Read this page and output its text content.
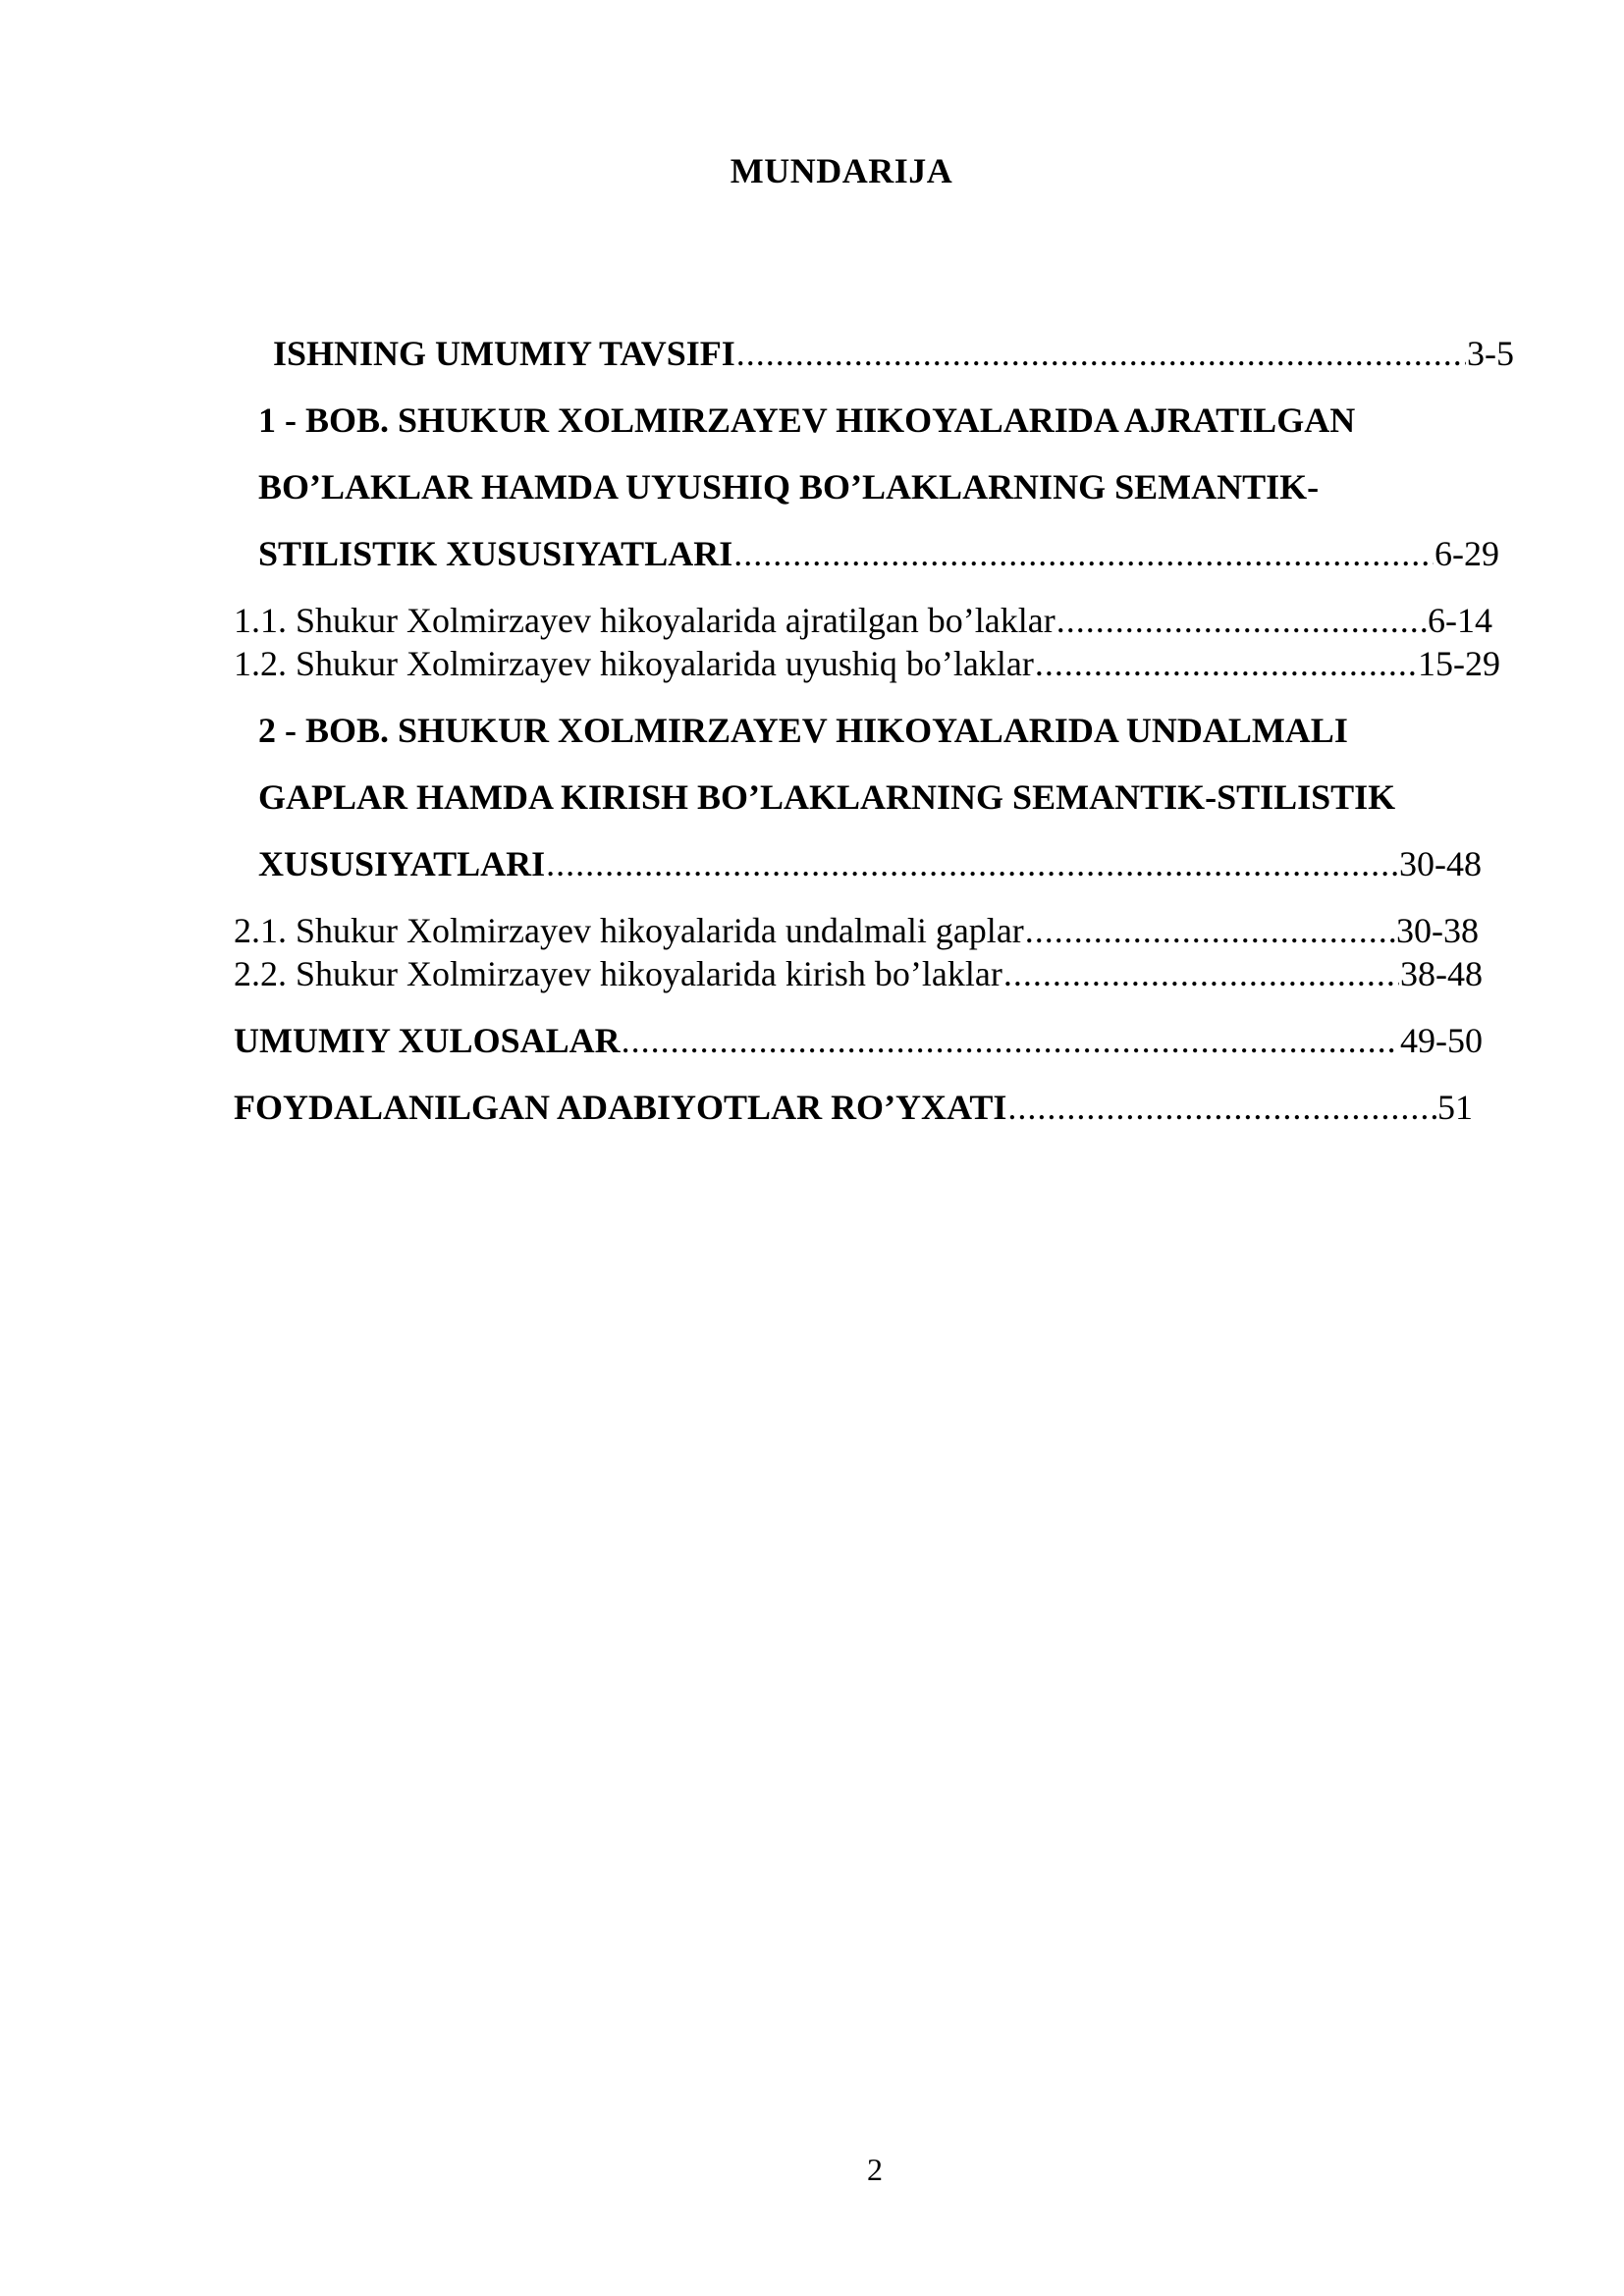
MUNDARIJA
ISHNING UMUMIY TAVSIFI .....	3-5
1 - BOB. SHUKUR XOLMIRZAYEV HIKOYALARIDA AJRATILGAN
BO’LAKLAR HAMDA UYUSHIQ BO’LAKLARNING SEMANTIK-
STILISTIK XUSUSIYATLARI .....	6-29
1.1. Shukur Xolmirzayev hikoyalarida ajratilgan bo’laklar .....	6-14
1.2. Shukur Xolmirzayev hikoyalarida uyushiq bo’laklar .....	15-29
2 - BOB. SHUKUR XOLMIRZAYEV HIKOYALARIDA UNDALMALI
GAPLAR HAMDA KIRISH BO’LAKLARNING SEMANTIK-STILISTIK
XUSUSIYATLARI .....	30-48
2.1. Shukur Xolmirzayev hikoyalarida undalmali gaplar .....	30-38
2.2. Shukur Xolmirzayev hikoyalarida kirish bo’laklar .....	38-48
UMUMIY XULOSALAR .....	49-50
FOYDALANILGAN ADABIYOTLAR RO’YXATI .....	51
2
